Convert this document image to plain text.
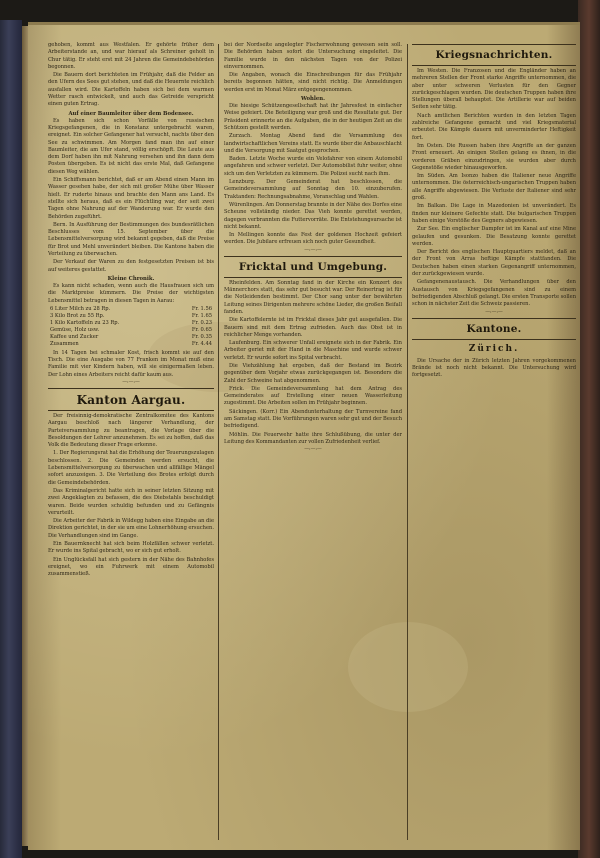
gehoben, kommt aus Westfalen. Er gehörte früher dem Arbeiterstande an, und war hierauf als Schreiner geholt in Chur tätig. Er steht erst mit 24 Jahren die Gemeindebehörden begonnen.

Die Bauern dort berichteten im Frühjahr, daß die Felder an den Ufern des Sees gut stehen, und daß die Heuernte reichlich ausfallen wird. Die Kartoffeln haben sich bei dem warmen Wetter rasch entwickelt, und auch das Getreide verspricht einen guten Ertrag.

Auf einer Baumleiter über dem Bodensee.

Es haben sich schon Vorfälle von russischen Kriegsgefangenen, die in Konstanz untergebracht waren, ereignet. Ein solcher Gefangener hat versucht, nachts über den See zu schwimmen. Am Morgen fand man ihn auf einer Baumleiter, die am Ufer stand, völlig erschöpft. Die Leute aus dem Dorf haben ihn mit Nahrung versehen und ihn dann dem Posten übergeben. Es ist nicht das erste Mal, daß Gefangene diesen Weg wählen.

Ein Schiffsmann berichtet, daß er am Abend einen Mann im Wasser gesehen habe, der sich mit großer Mühe über Wasser hielt. Er ruderte hinaus und brachte den Mann ans Land. Es stellte sich heraus, daß es ein Flüchtling war, der seit zwei Tagen ohne Nahrung auf der Wanderung war. Er wurde den Behörden zugeführt.

Bern. In Ausführung der Bestimmungen des bundesrätlichen Beschlusses vom 15. September über die Lebensmittelversorgung wird bekannt gegeben, daß die Preise für Brot und Mehl unverändert bleiben. Die Kantone haben die Verteilung zu überwachen.

Der Verkauf der Waren zu den festgesetzten Preisen ist bis auf weiteres gestattet.

Kleine Chronik.

Es kann nicht schaden, wenn auch die Hausfrauen sich um die Marktpreise kümmern. Die Preise der wichtigsten Lebensmittel betragen in diesen Tagen in Aarau:

6 Liter Milch zu 28 Rp.	Fr. 1.56
3 Kilo Brot zu 55 Rp.	Fr. 1.65
1 Kilo Kartoffeln zu 23 Rp.	Fr. 0.23
Gemüse, Holz usw.	Fr. 0.65
Kaffee und Zucker	Fr. 0.35
Zusammen	Fr. 4.44

In 14 Tagen bei schmaler Kost, frisch kommt sie auf den Tisch. Die eine Ausgabe von 77 Franken im Monat muß eine Familie mit vier Kindern haben, will sie einigermaßen leben. Der Lohn eines Arbeiters reicht dafür kaum aus.

—:—:—
Kanton Aargau.

Der freisinnig-demokratische Zentralkomitee des Kantons Aargau beschloß nach längerer Verhandlung, der Parteiversammlung zu beantragen, die Vorlage über die Besoldungen der Lehrer anzunehmen. Es sei zu hoffen, daß das Volk die Bedeutung dieser Frage erkenne.

1. Der Regierungsrat hat die Erhöhung der Teuerungszulagen beschlossen. 2. Die Gemeinden werden ersucht, die Lebensmittelversorgung zu überwachen und allfällige Mängel sofort anzuzeigen. 3. Die Verteilung des Brotes erfolgt durch die Gemeindebehörden.

Das Kriminalgericht hatte sich in seiner letzten Sitzung mit zwei Angeklagten zu befassen, die des Diebstahls beschuldigt waren. Beide wurden schuldig befunden und zu Gefängnis verurteilt.

Die Arbeiter der Fabrik in Wildegg haben eine Eingabe an die Direktion gerichtet, in der sie um eine Lohnerhöhung ersuchen. Die Verhandlungen sind im Gange.

Ein Bauernknecht hat sich beim Holzfällen schwer verletzt. Er wurde ins Spital gebracht, wo er sich gut erholt.

Ein Unglücksfall hat sich gestern in der Nähe des Bahnhofes ereignet, wo ein Fuhrwerk mit einem Automobil zusammenstieß.

bei der Nordseite angelegter Fischerwohnung gewesen sein soll. Die Behörden haben sofort die Untersuchung eingeleitet. Die Familie wurde in den nächsten Tagen von der Polizei einvernommen.

Die Angaben, wonach die Einschreibungen für das Frühjahr bereits begonnen hätten, sind nicht richtig. Die Anmeldungen werden erst im Monat März entgegengenommen.

Wohlen.

Die hiesige Schützengesellschaft hat ihr Jahresfest in einfacher Weise gefeiert. Die Beteiligung war groß und die Resultate gut. Der Präsident erinnerte an die Aufgaben, die in der heutigen Zeit an die Schützen gestellt werden.

Zurzach. Montag Abend fand die Versammlung des landwirtschaftlichen Vereins statt. Es wurde über die Anbauschlacht und die Versorgung mit Saatgut gesprochen.

Baden. Letzte Woche wurde ein Velofahrer von einem Automobil angefahren und schwer verletzt. Der Automobilist fuhr weiter, ohne sich um den Verletzten zu kümmern. Die Polizei sucht nach ihm.

Lenzburg. Der Gemeinderat hat beschlossen, die Gemeindeversammlung auf Sonntag den 10. einzuberufen. Traktanden: Rechnungsabnahme, Voranschlag und Wahlen.

Würenlingen. Am Donnerstag brannte in der Nähe des Dorfes eine Scheune vollständig nieder. Das Vieh konnte gerettet werden, dagegen verbrannten die Futtervorräte. Die Entstehungsursache ist nicht bekannt.

In Mellingen konnte das Fest der goldenen Hochzeit gefeiert werden. Die Jubilare erfreuen sich noch guter Gesundheit.

—:—:—
Fricktal und Umgebung.

Rheinfelden. Am Sonntag fand in der Kirche ein Konzert des Männerchors statt, das sehr gut besucht war. Der Reinertrag ist für die Notleidenden bestimmt. Der Chor sang unter der bewährten Leitung seines Dirigenten mehrere schöne Lieder, die großen Beifall fanden.

Die Kartoffelernte ist im Fricktal dieses Jahr gut ausgefallen. Die Bauern sind mit dem Ertrag zufrieden. Auch das Obst ist in reichlicher Menge vorhanden.

Laufenburg. Ein schwerer Unfall ereignete sich in der Fabrik. Ein Arbeiter geriet mit der Hand in die Maschine und wurde schwer verletzt. Er wurde sofort ins Spital verbracht.

Die Viehzählung hat ergeben, daß der Bestand im Bezirk gegenüber dem Vorjahr etwas zurückgegangen ist. Besonders die Zahl der Schweine hat abgenommen.

Frick. Die Gemeindeversammlung hat dem Antrag des Gemeinderates auf Erstellung einer neuen Wasserleitung zugestimmt. Die Arbeiten sollen im Frühjahr beginnen.

Säckingen. (Korr.) Ein Abendunterhaltung der Turnvereine fand am Samstag statt. Die Vorführungen waren sehr gut und der Besuch befriedigend.

Möhlin. Die Feuerwehr hatte ihre Schlußübung, die unter der Leitung des Kommandanten zur vollen Zufriedenheit verlief.

—:—:—
Kriegsnachrichten.

Im Westen. Die Franzosen und die Engländer haben an mehreren Stellen der Front starke Angriffe unternommen, die aber unter schweren Verlusten für den Gegner zurückgeschlagen wurden. Die deutschen Truppen haben ihre Stellungen überall behauptet. Die Artillerie war auf beiden Seiten sehr tätig.

Nach amtlichen Berichten wurden in den letzten Tagen zahlreiche Gefangene gemacht und viel Kriegsmaterial erbeutet. Die Kämpfe dauern mit unverminderter Heftigkeit fort.

Im Osten. Die Russen haben ihre Angriffe an der ganzen Front erneuert. An einigen Stellen gelang es ihnen, in die vorderen Gräben einzudringen, sie wurden aber durch Gegenstöße wieder hinausgeworfen.

Im Süden. Am Isonzo haben die Italiener neue Angriffe unternommen. Die österreichisch-ungarischen Truppen haben alle Angriffe abgewiesen. Die Verluste der Italiener sind sehr groß.

Im Balkan. Die Lage in Mazedonien ist unverändert. Es finden nur kleinere Gefechte statt. Die bulgarischen Truppen haben einige Vorstöße des Gegners abgewiesen.

Zur See. Ein englischer Dampfer ist im Kanal auf eine Mine gelaufen und gesunken. Die Besatzung konnte gerettet werden.

Der Bericht des englischen Hauptquartiers meldet, daß an der Front von Arras heftige Kämpfe stattfanden. Die Deutschen haben einen starken Gegenangriff unternommen, der zurückgewiesen wurde.

Gefangenenaustausch. Die Verhandlungen über den Austausch von Kriegsgefangenen sind zu einem befriedigenden Abschluß gelangt. Die ersten Transporte sollen schon in nächster Zeit die Schweiz passieren.

—:—:—
Kantone.
Zürich.

Die Ursache der in Zürich letzten Jahren vorgekommenen Brände ist noch nicht bekannt. Die Untersuchung wird fortgesetzt.
